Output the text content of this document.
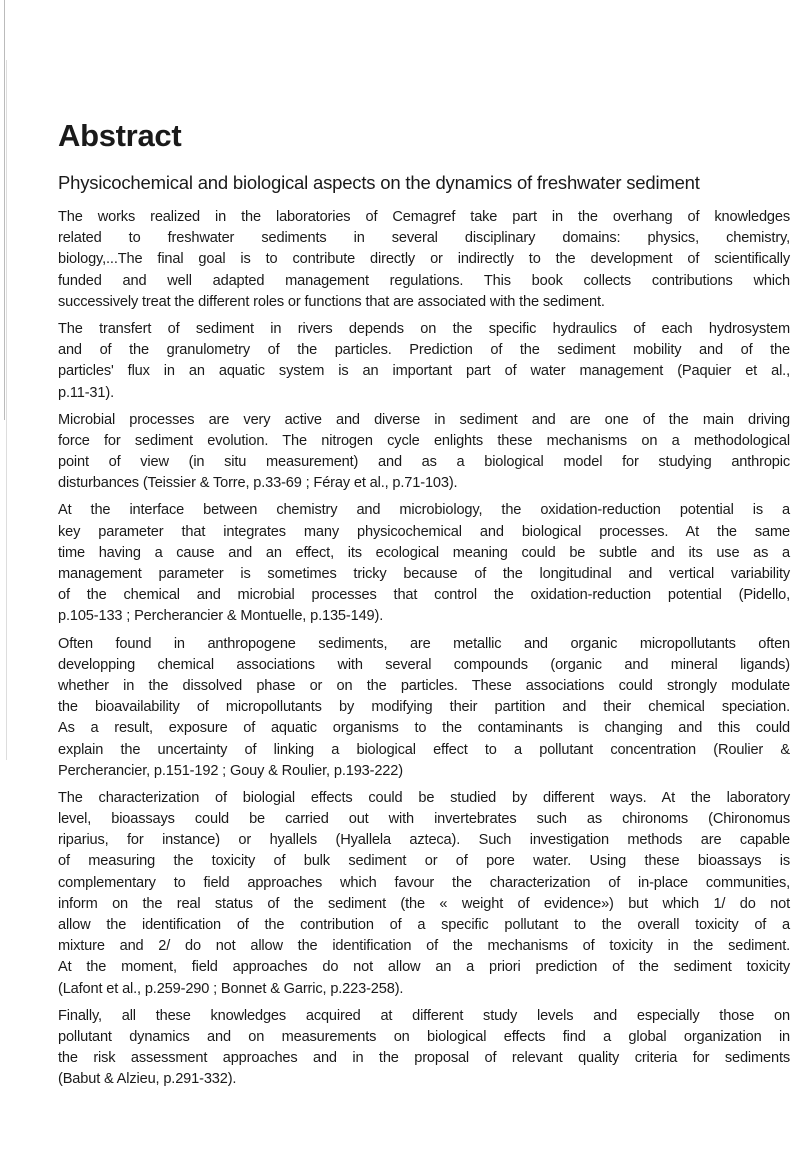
Abstract
Physicochemical and biological aspects on the dynamics of freshwater sediment
The works realized in the laboratories of Cemagref take part in the overhang of knowledges
related to freshwater sediments in several disciplinary domains: physics, chemistry,
biology,...The final goal is to contribute directly or indirectly to the development of scientifically
funded and well adapted management regulations. This book collects contributions which
successively treat the different roles or functions that are associated with the sediment.
The transfert of sediment in rivers depends on the specific hydraulics of each hydrosystem
and of the granulometry of the particles. Prediction of the sediment mobility and of the
particles' flux in an aquatic system is an important part of water management (Paquier et al.,
p.11-31).
Microbial processes are very active and diverse in sediment and are one of the main driving
force for sediment evolution. The nitrogen cycle enlights these mechanisms on a methodological
point of view (in situ measurement) and as a biological model for studying anthropic
disturbances (Teissier & Torre, p.33-69 ; Féray et al., p.71-103).
At the interface between chemistry and microbiology, the oxidation-reduction potential is a
key parameter that integrates many physicochemical and biological processes. At the same
time having a cause and an effect, its ecological meaning could be subtle and its use as a
management parameter is sometimes tricky because of the longitudinal and vertical variability
of the chemical and microbial processes that control the oxidation-reduction potential (Pidello,
p.105-133 ; Percherancier & Montuelle, p.135-149).
Often found in anthropogene sediments, are metallic and organic micropollutants often
developping chemical associations with several compounds (organic and mineral ligands)
whether in the dissolved phase or on the particles. These associations could strongly modulate
the bioavailability of micropollutants by modifying their partition and their chemical speciation.
As a result, exposure of aquatic organisms to the contaminants is changing and this could
explain the uncertainty of linking a biological effect to a pollutant concentration (Roulier &
Percherancier, p.151-192 ; Gouy & Roulier, p.193-222)
The characterization of biologial effects could be studied by different ways. At the laboratory
level, bioassays could be carried out with invertebrates such as chironoms (Chironomus
riparius, for instance) or hyallels (Hyallela azteca). Such investigation methods are capable
of measuring the toxicity of bulk sediment or of pore water. Using these bioassays is
complementary to field approaches which favour the characterization of in-place communities,
inform on the real status of the sediment (the « weight of evidence») but which 1/ do not
allow the identification of the contribution of a specific pollutant to the overall toxicity of a
mixture and 2/ do not allow the identification of the mechanisms of toxicity in the sediment.
At the moment, field approaches do not allow an a priori prediction of the sediment toxicity
(Lafont et al., p.259-290 ; Bonnet & Garric, p.223-258).
Finally, all these knowledges acquired at different study levels and especially those on
pollutant dynamics and on measurements on biological effects find a global organization in
the risk assessment approaches and in the proposal of relevant quality criteria for sediments
(Babut & Alzieu, p.291-332).
